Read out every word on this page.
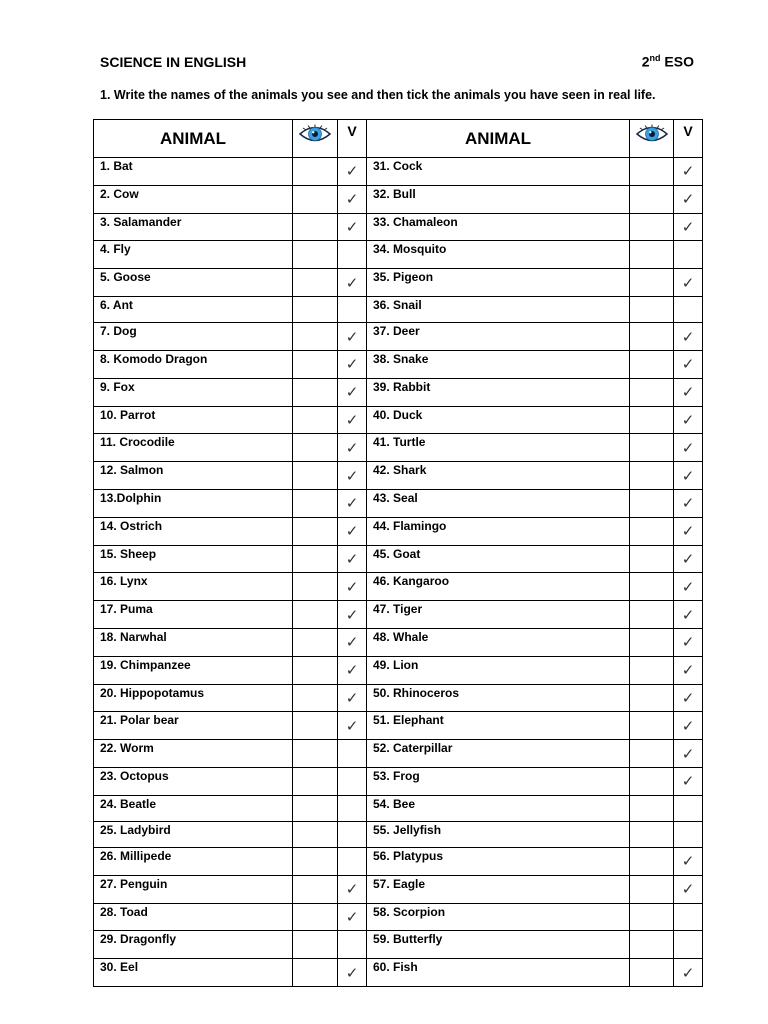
SCIENCE IN ENGLISH	2nd ESO
1. Write the names of the animals you see and then tick the animals you have seen in real life.
ANIMAL		V	ANIMAL		V
1. Bat		✓	31. Cock		✓
2. Cow		✓	32. Bull		✓
3. Salamander		✓	33. Chamaleon		✓
4. Fly			34. Mosquito		
5. Goose		✓	35. Pigeon		✓
6. Ant			36. Snail		
7. Dog		✓	37. Deer		✓
8. Komodo Dragon		✓	38. Snake		✓
9. Fox		✓	39. Rabbit		✓
10. Parrot		✓	40. Duck		✓
11. Crocodile		✓	41. Turtle		✓
12. Salmon		✓	42. Shark		✓
13.Dolphin		✓	43. Seal		✓
14. Ostrich		✓	44. Flamingo		✓
15. Sheep		✓	45. Goat		✓
16. Lynx		✓	46. Kangaroo		✓
17. Puma		✓	47. Tiger		✓
18. Narwhal		✓	48. Whale		✓
19. Chimpanzee		✓	49. Lion		✓
20. Hippopotamus		✓	50. Rhinoceros		✓
21. Polar bear		✓	51. Elephant		✓
22. Worm			52. Caterpillar		✓
23. Octopus			53. Frog		✓
24. Beatle			54. Bee		
25. Ladybird			55. Jellyfish		
26. Millipede			56. Platypus		✓
27. Penguin		✓	57. Eagle		✓
28. Toad		✓	58. Scorpion		
29. Dragonfly			59. Butterfly		
30. Eel		✓	60. Fish		✓
